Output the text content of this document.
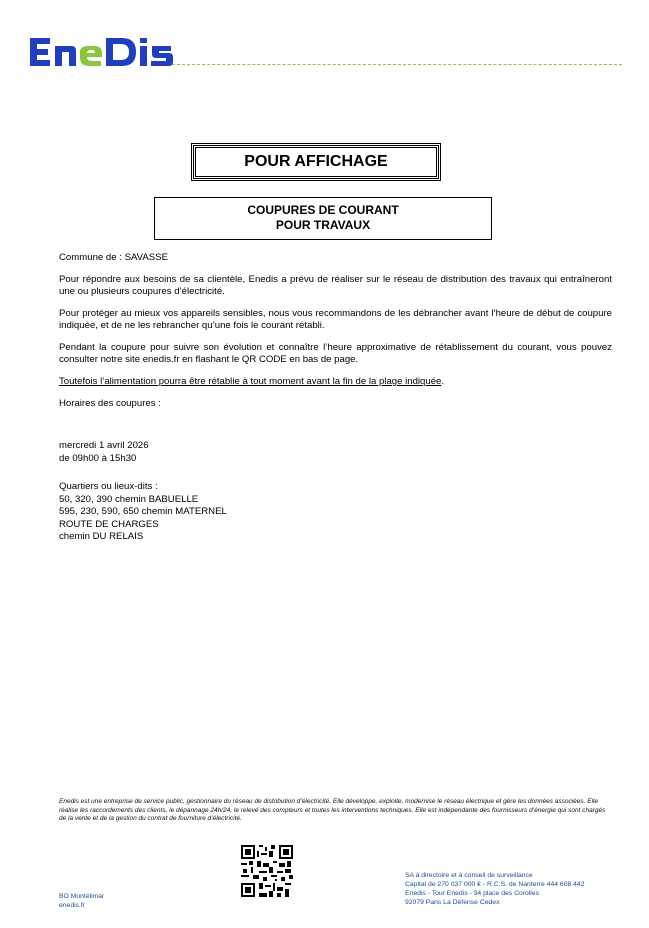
POUR AFFICHAGE
COUPURES DE COURANT
POUR TRAVAUX

Commune de : SAVASSE

Pour répondre aux besoins de sa clientèle, Enedis a prévu de réaliser sur le réseau de distribution des travaux qui entraîneront une ou plusieurs coupures d’électricité.

Pour protéger au mieux vos appareils sensibles, nous vous recommandons de les débrancher avant l’heure de début de coupure indiquée, et de ne les rebrancher qu’une fois le courant rétabli.

Pendant la coupure pour suivre son évolution et connaître l’heure approximative de rétablissement du courant, vous pouvez consulter notre site enedis.fr en flashant le QR CODE en bas de page.

Toutefois l’alimentation pourra être rétablie à tout moment avant la fin de la plage indiquée.

Horaires des coupures :

mercredi 1 avril 2026
de 09h00 à 15h30
Quartiers ou lieux-dits :
50, 320, 390 chemin BABUELLE
595, 230, 590, 650 chemin MATERNEL
ROUTE DE CHARGES
chemin DU RELAIS
Enedis est une entreprise de service public, gestionnaire du réseau de distribution d’électricité. Elle développe, exploite, modernise le réseau électrique et gère les données associées. Elle réalise les raccordements des clients, le dépannage 24h/24, le relevé des compteurs et toutes les interventions techniques. Elle est indépendante des fournisseurs d’énergie qui sont chargés de la vente et de la gestion du contrat de fourniture d’électricité.
BO Montélimar
enedis.fr
SA à directoire et à conseil de surveillance
Capital de 270 037 000 € - R.C.S. de Nanterre 444 608 442
Enedis - Tour Enedis - 34 place des Corolles
92079 Paris La Défense Cedex
